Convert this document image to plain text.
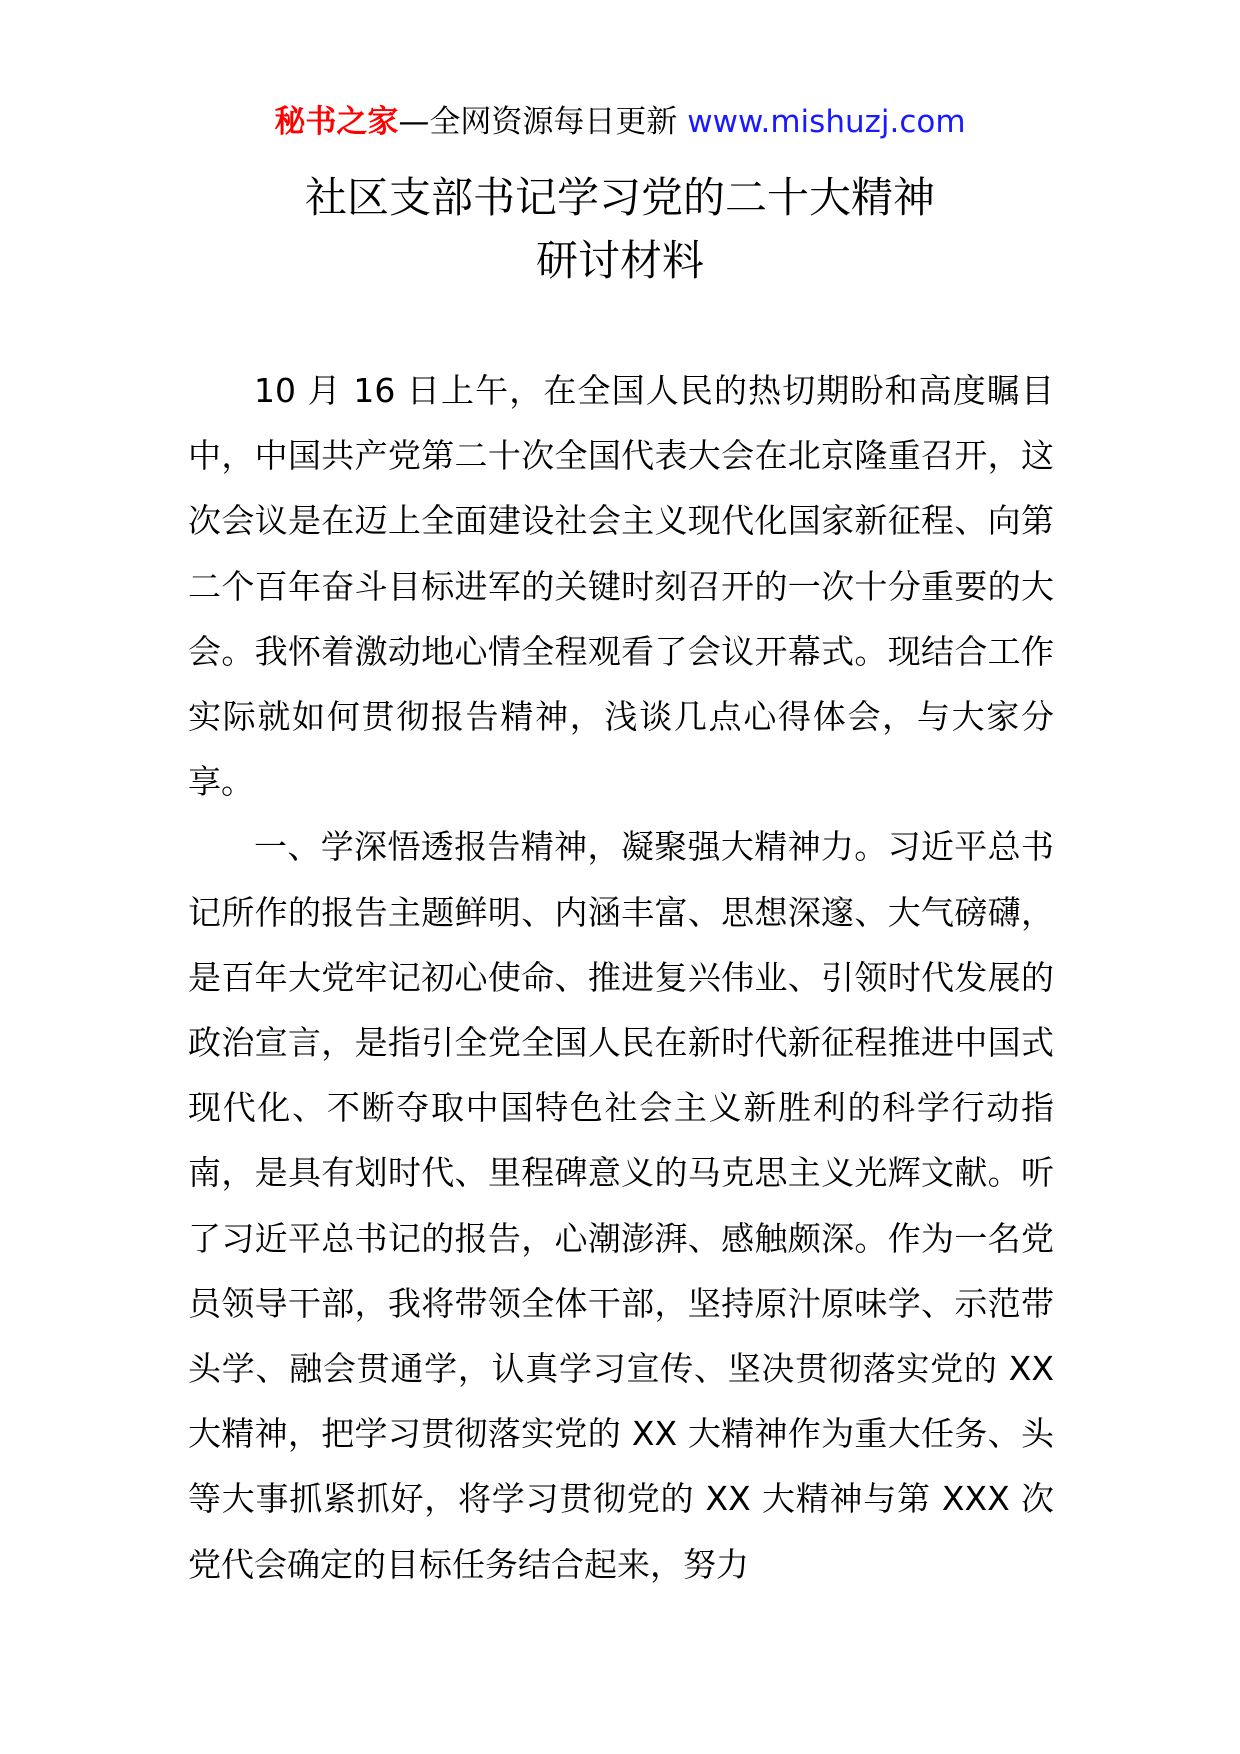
秘书之家—全网资源每日更新 www.mishuzj.com
社区支部书记学习党的二十大精神
研讨材料

10 月 16 日上午，在全国人民的热切期盼和高度瞩目中，中国共产党第二十次全国代表大会在北京隆重召开，这次会议是在迈上全面建设社会主义现代化国家新征程、向第二个百年奋斗目标进军的关键时刻召开的一次十分重要的大会。我怀着激动地心情全程观看了会议开幕式。现结合工作实际就如何贯彻报告精神，浅谈几点心得体会，与大家分享。

一、学深悟透报告精神，凝聚强大精神力。习近平总书记所作的报告主题鲜明、内涵丰富、思想深邃、大气磅礴，是百年大党牢记初心使命、推进复兴伟业、引领时代发展的政治宣言，是指引全党全国人民在新时代新征程推进中国式现代化、不断夺取中国特色社会主义新胜利的科学行动指南，是具有划时代、里程碑意义的马克思主义光辉文献。听了习近平总书记的报告，心潮澎湃、感触颇深。作为一名党员领导干部，我将带领全体干部，坚持原汁原味学、示范带头学、融会贯通学，认真学习宣传、坚决贯彻落实党的 XX 大精神，把学习贯彻落实党的 XX 大精神作为重大任务、头等大事抓紧抓好，将学习贯彻党的 XX 大精神与第 XXX 次党代会确定的目标任务结合起来，努力
